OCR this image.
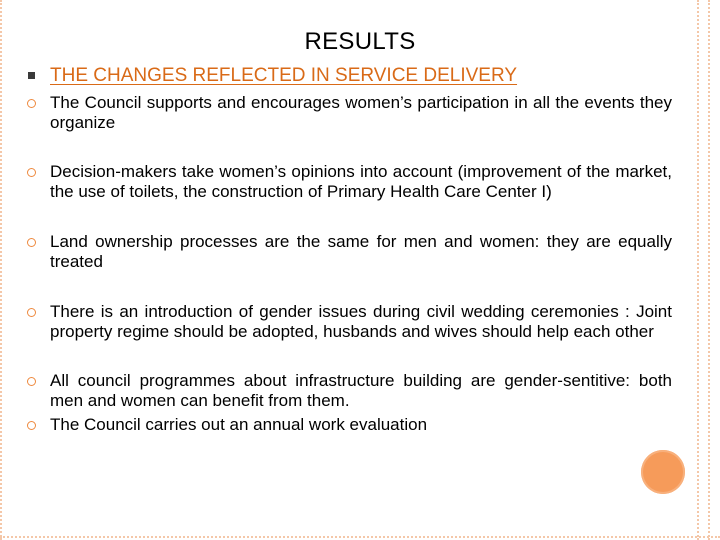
RESULTS
THE CHANGES REFLECTED IN SERVICE DELIVERY
The Council supports and encourages women’s participation in all the events they organize
Decision-makers take women’s opinions into account (improvement of the market, the use of toilets, the construction of Primary Health Care Center I)
Land ownership processes are the same for men and women: they are equally treated
There is an introduction of gender issues during civil wedding ceremonies : Joint property regime should be adopted, husbands and wives should help each other
All council programmes about infrastructure building are gender-sentitive: both men and women can benefit from them.
The Council carries out an annual work evaluation
